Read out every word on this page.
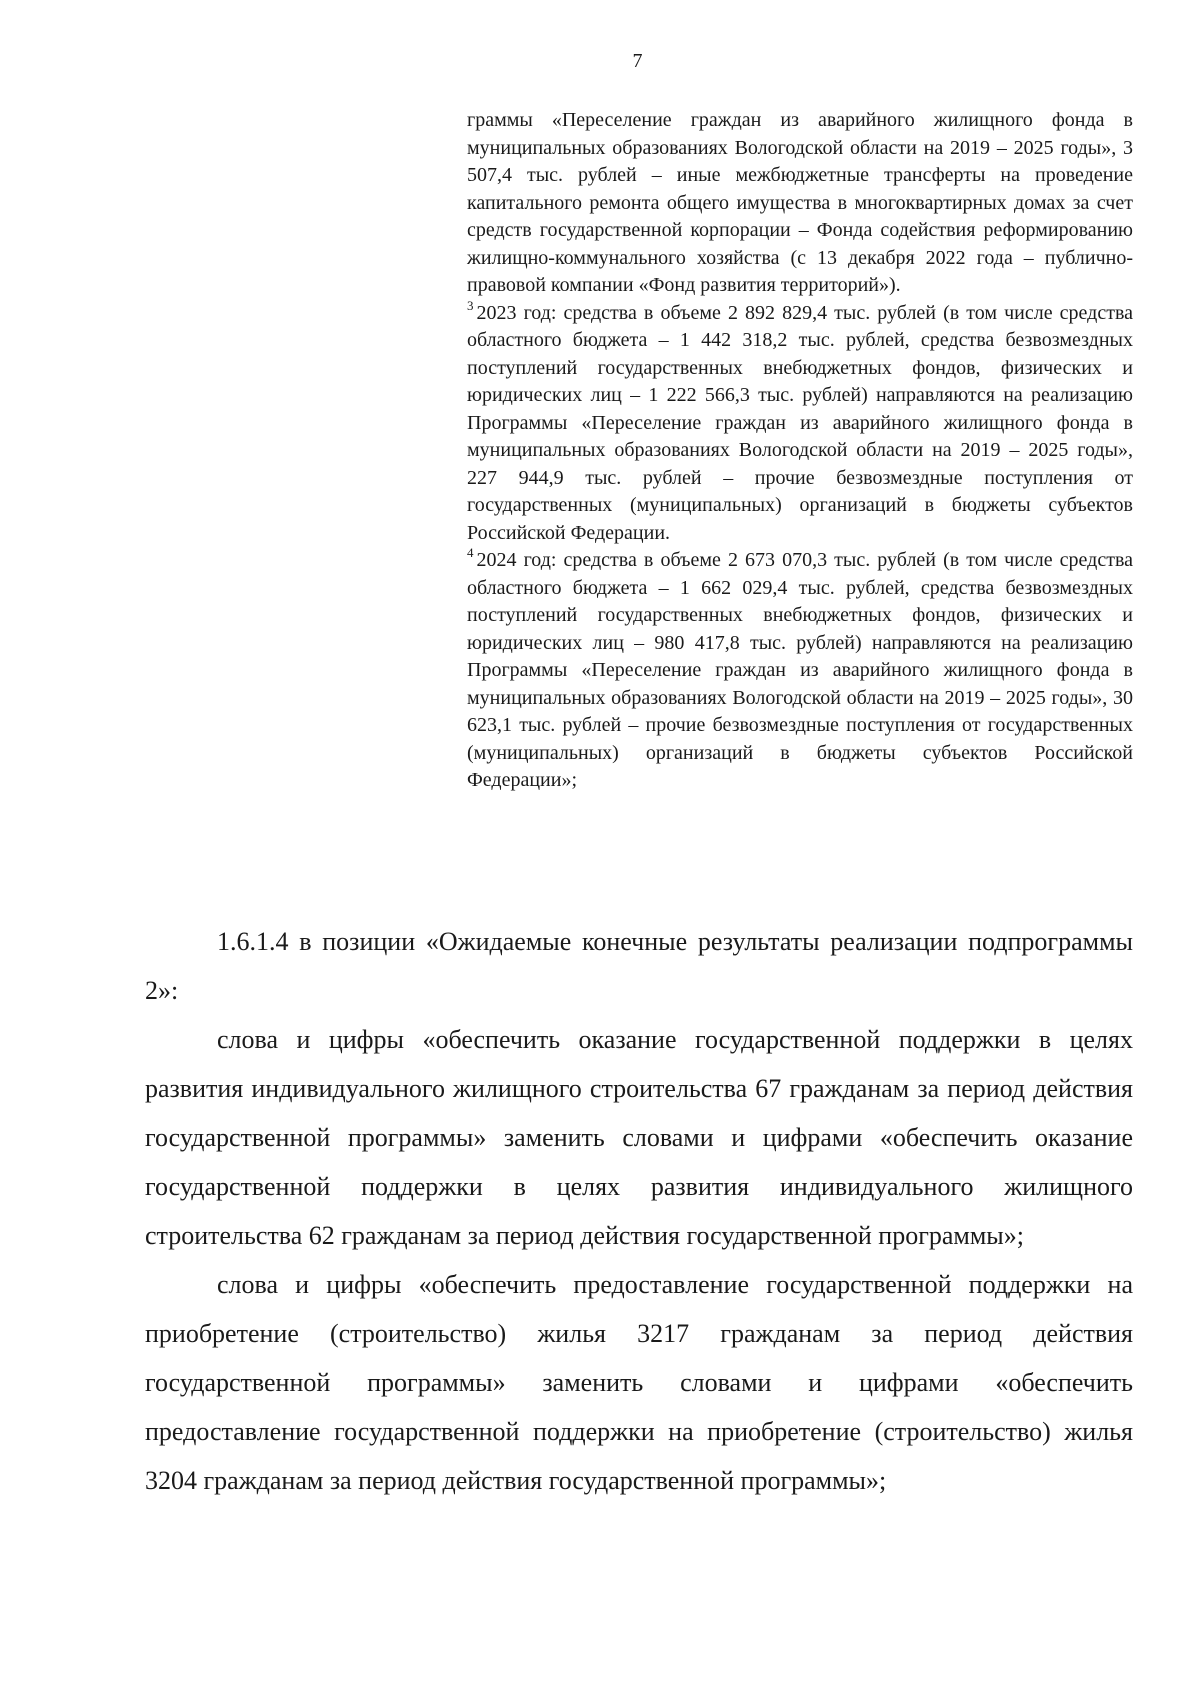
7

граммы «Переселение граждан из аварийного жилищного фонда в муниципальных образованиях Вологодской области на 2019 – 2025 годы», 3 507,4 тыс. рублей – иные межбюджетные трансферты на проведение капитального ремонта общего имущества в многоквартирных домах за счет средств государственной корпорации – Фонда содействия реформированию жилищно-коммунального хозяйства (с 13 декабря 2022 года – публично-правовой компании «Фонд развития территорий»).

$^3$ 2023 год: средства в объеме 2 892 829,4 тыс. рублей (в том числе средства областного бюджета – 1 442 318,2 тыс. рублей, средства безвозмездных поступлений государственных внебюджетных фондов, физических и юридических лиц – 1 222 566,3 тыс. рублей) направляются на реализацию Программы «Переселение граждан из аварийного жилищного фонда в муниципальных образованиях Вологодской области на 2019 – 2025 годы», 227 944,9 тыс. рублей – прочие безвозмездные поступления от государственных (муниципальных) организаций в бюджеты субъектов Российской Федерации.

$^4$ 2024 год: средства в объеме 2 673 070,3 тыс. рублей (в том числе средства областного бюджета – 1 662 029,4 тыс. рублей, средства безвозмездных поступлений государственных внебюджетных фондов, физических и юридических лиц – 980 417,8 тыс. рублей) направляются на реализацию Программы «Переселение граждан из аварийного жилищного фонда в муниципальных образованиях Вологодской области на 2019 – 2025 годы», 30 623,1 тыс. рублей – прочие безвозмездные поступления от государственных (муниципальных) организаций в бюджеты субъектов Российской Федерации»;

1.6.1.4 в позиции «Ожидаемые конечные результаты реализации подпрограммы 2»:

слова и цифры «обеспечить оказание государственной поддержки в целях развития индивидуального жилищного строительства 67 гражданам за период действия государственной программы» заменить словами и цифрами «обеспечить оказание государственной поддержки в целях развития индивидуального жилищного строительства 62 гражданам за период действия государственной программы»;

слова и цифры «обеспечить предоставление государственной поддержки на приобретение (строительство) жилья 3217 гражданам за период действия государственной программы» заменить словами и цифрами «обеспечить предоставление государственной поддержки на приобретение (строительство) жилья 3204 гражданам за период действия государственной программы»;
